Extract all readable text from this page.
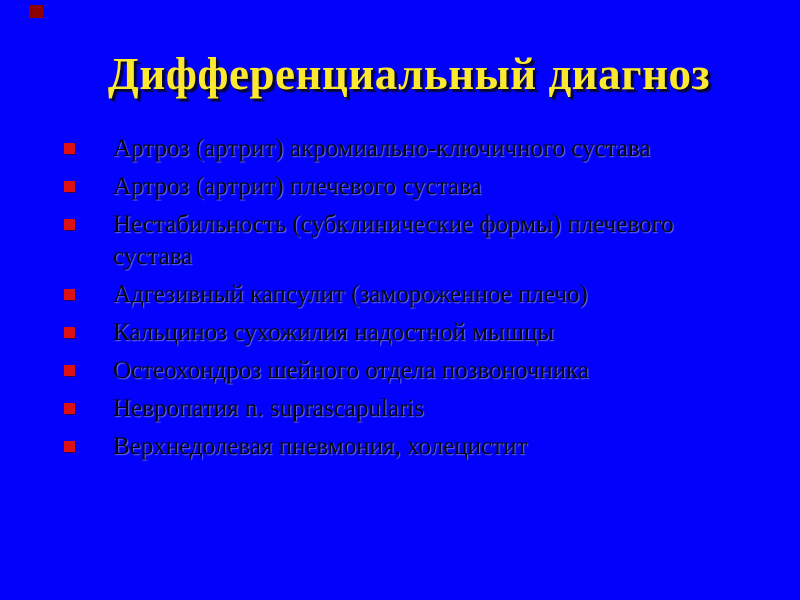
Дифференциальный диагноз
Артроз (артрит) акромиально-ключичного сустава
Артроз (артрит) плечевого сустава
Нестабильность (субклинические формы) плечевого сустава
Адгезивный капсулит (замороженное плечо)
Кальциноз сухожилия надостной мышцы
Остеохондроз шейного отдела позвоночника
Невропатия n. suprascapularis
Верхнедолевая пневмония, холецистит
